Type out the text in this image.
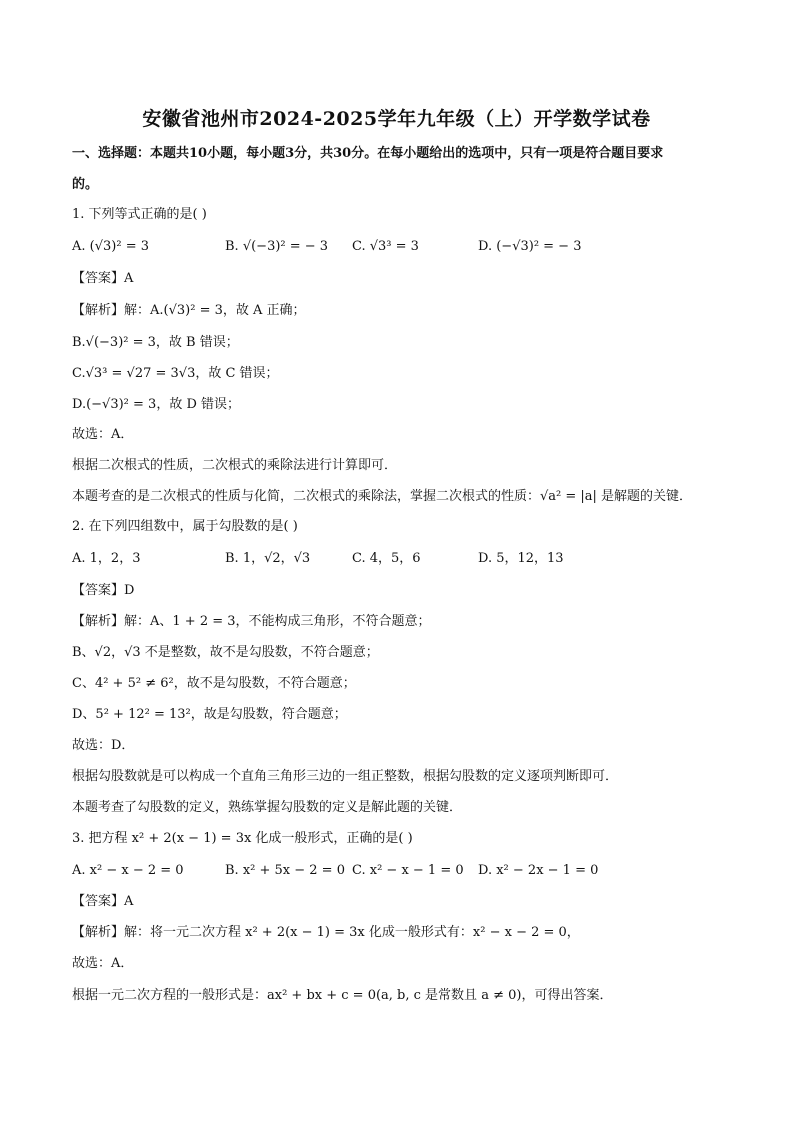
安徽省池州市2024-2025学年九年级（上）开学数学试卷
一、选择题：本题共10小题，每小题3分，共30分。在每小题给出的选项中，只有一项是符合题目要求
的。
1. 下列等式正确的是( )
A. (√3)² = 3	B. √(−3)² = − 3 C. √3³ = 3	D. (−√3)² = − 3
【答案】A
【解析】解：A.(√3)² = 3，故 A 正确；
B.√(−3)² = 3，故 B 错误；
C.√3³ = √27 = 3√3，故 C 错误；
D.(−√3)² = 3，故 D 错误；
故选：A．
根据二次根式的性质，二次根式的乘除法进行计算即可．
本题考查的是二次根式的性质与化简，二次根式的乘除法，掌握二次根式的性质：√a² = |a| 是解题的关键．
2. 在下列四组数中，属于勾股数的是( )
A. 1，2，3	B. 1，√2，√3	C. 4，5，6	D. 5，12，13
【答案】D
【解析】解：A、1 + 2 = 3，不能构成三角形，不符合题意；
B、√2，√3 不是整数，故不是勾股数，不符合题意；
C、4² + 5² ≠ 6²，故不是勾股数，不符合题意；
D、5² + 12² = 13²，故是勾股数，符合题意；
故选：D．
根据勾股数就是可以构成一个直角三角形三边的一组正整数，根据勾股数的定义逐项判断即可．
本题考查了勾股数的定义，熟练掌握勾股数的定义是解此题的关键．
3. 把方程 x² + 2(x − 1) = 3x 化成一般形式，正确的是( )
A. x² − x − 2 = 0	B. x² + 5x − 2 = 0 C. x² − x − 1 = 0 D. x² − 2x − 1 = 0
【答案】A
【解析】解：将一元二次方程 x² + 2(x − 1) = 3x 化成一般形式有：x² − x − 2 = 0，
故选：A．
根据一元二次方程的一般形式是：ax² + bx + c = 0(a, b, c 是常数且 a ≠ 0)，可得出答案．
